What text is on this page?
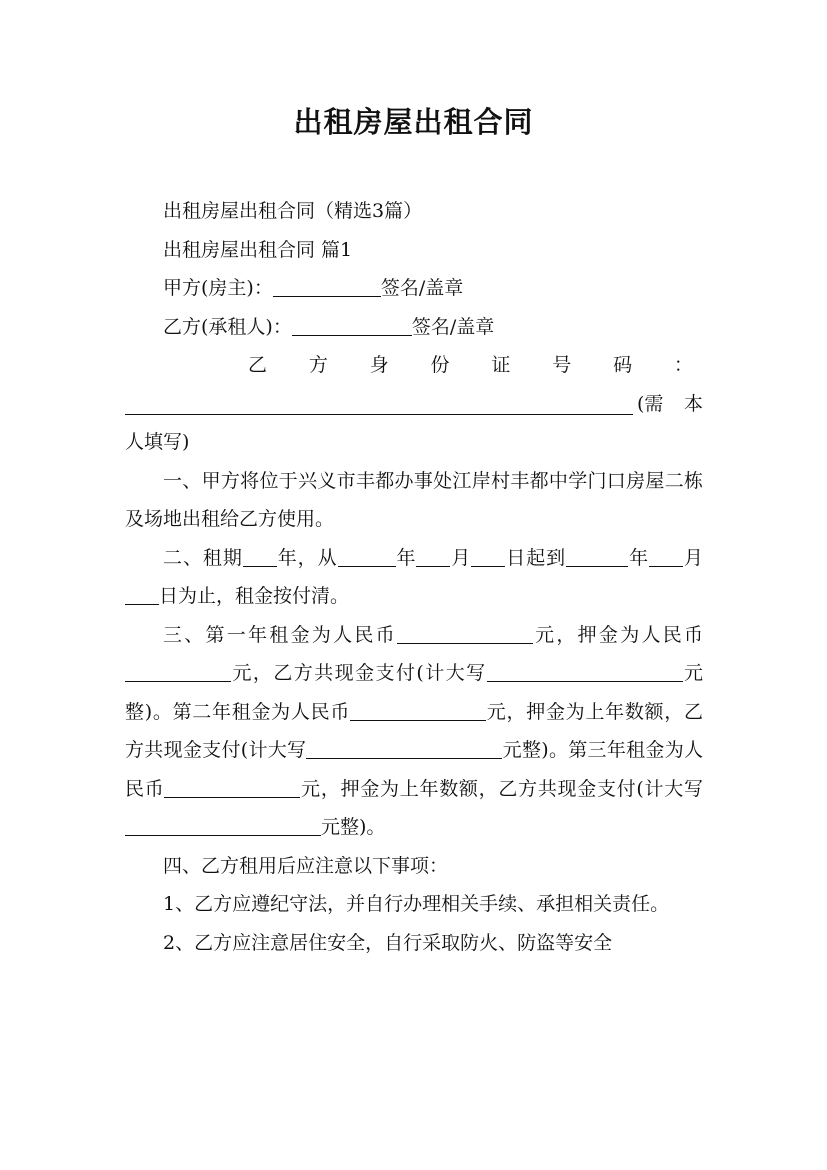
出租房屋出租合同

出租房屋出租合同（精选3篇）

出租房屋出租合同 篇1

甲方(房主)：	签名/盖章

乙方(承租人)：	签名/盖章

乙 方 身 份 证 号 码 ：
(需 本
人填写)

一、甲方将位于兴义市丰都办事处江岸村丰都中学门口房屋二栋及场地出租给乙方使用。

二、租期 年，从	年 月 日起到	年 月日为止，租金按付清。

三、第一年租金为人民币	元，押金为人民币元，乙方共现金支付(计大写	元整)。第二年租金为人民币	元，押金为上年数额，乙方共现金支付(计大写	元整)。第三年租金为人民币	元，押金为上年数额，乙方共现金支付(计大写元整)。

四、乙方租用后应注意以下事项：

1、乙方应遵纪守法，并自行办理相关手续、承担相关责任。

2、乙方应注意居住安全，自行采取防火、防盗等安全
